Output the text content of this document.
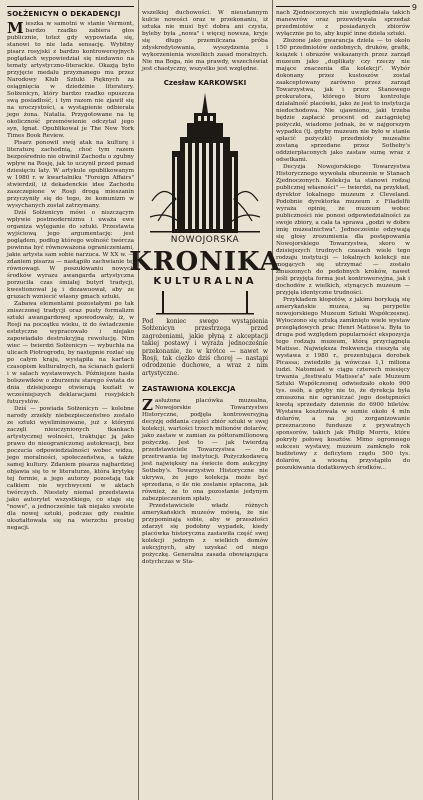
9
SOŁŻENICYN O DEKADENCJI

Mieszka w samotni w stanie Vermont, bardzo rzadko zabiera głos publicznie, toteż gdy wypowiada się, stanowi to nie lada sensację. Wybitny pisarz rosyjski z bardzo kontrowersyjnych poglądach wypowiedział się niedawno na tematy artystyczno-literackie. Okazją było przyjęcie medalu przyznanego mu przez Narodowy Klub Sztuki Pięknych za osiągnięcia w dziedzinie literatury. Sołżenicyn, który bardzo rzadko opuszcza swą posiadłość, i tym razem nie zjawił się na uroczystości, a wystąpienie odbierała jego żona. Natalia. Przygotowane na tę okoliczność przemówienie odczytał jego syn, Ignat. Opublikował je The New York Times Book Review.

Pisarz ponowił swój atak na kulturę i literaturę zachodnią, choć tym razem bezpośrednio nie obwinił Zachodu o zgubny wpływ na Rosję, jak to uczynił przed ponad dziesięciu laty. W artykule opublikowanym w 1980 r. w kwartalniku "Foreign Affairs" stwierdził, iż dekadenckie idee Zachodu zaszczepione w Rosji drogą mieszanin przyczyniły się do tego, że komunizm w wysychanych został zatrzymany.

Dziś Sołżenicyn mówi o niszczącym wpływie postmodernizmu i uważa ewe organiza wylęganie do sztuki. Przestawia wyjściową jego argumentację: jest poglądem, podług którego wolność twórcza powinna być równoważona ograniczeniami, jakie artysta sam sobie narzuca. W XX w. — zdaniem pisarza — nastąpiło zachwianie tej równowagi. W poszukiwaniu nowych środków wyrazu awangarda artystyczna porzuciła czas śmiałej butyrł tradycji, kwestionował ją i dezawuował, aby ze gruzach wzniecić własny gmach sztuki.

Zabawa elementami pozostałymi po tak zniszczonej tradycji oraz pusty formalizm sztuki awangardowej spowodowały, iż, w Rosji na początku wieku, iż do świadczenie estetyczne wypracowało i niejako zapowiadało destrukcyjną rewolucję. Nim wiec — twierdzi Sołżenicyn — wybuchła na ulicach Piotrogrodu, by następnie rozlać się po całym kraju, wystąpiła na kartach czasopism kulturalnych, na ścianach galerii i w salach wystawowych. Późniejsze hasła bolszewików o zburzeniu starego świata do dnia dzisiejszego otwierają kształt w wcześniejszych deklaracjami rosyjskich futurystów.

Dziś — powiada Sołżenicyn — kolebne narody zrzekły niebezpieczeństwo zostało ze sztuki wyeliminowane, już z którymi zaczęli nieuczynionych tkankach artystycznej wolności, traktując ją jako prawo do nieograniczonej autokreacji, bez poczucia odpowiedzialności wobec widza, jego moralności, społeczeństwa, a także samej kultury. Zdaniem pisarza najbardziej objawia się to w literaturze, która krytykę tej formie, a jego autorzy pozostają tak całkiem nie wychwyceni w aktach twórczych. Niestety niemal przedstawia jako autorytet wszystkiego, co staje się "nowe", a jednocześnie tak niejako swoiste dla nowej sztuki, podczas gdy realnie ukształtowała się na wierzchu prostej negacji.

wszelkiej duchowości. W nieustannym kulcie nowości oraz w przekonaniu, iż sztuka nie musi być dobra ani czysta, byleby była „nowa" i więcej nowsza, kryje się długo przemilczana próba zdyskredytowania, wyszydzenia i wykorzenienia wszelkich zasad moralnych. Nie ma Boga, nie ma prawdy, wszechświat jest chaotyczny, wszystko jest względne.

Czesław KARKOWSKI
NOWOJORSKA
KRONIKA
KULTURALNA

Pod koniec swego wystąpienia Sołżenicyn przestrzega przed zagrożeniami, jakie płyną z akceptacji takiej postawy i wyraża jednocześnie przekonanie, że w krótce — nawet w Rosji, tak ciężko dziś chorej — nastąpi odrodzenie duchowe, a wraz z nim artystyczne.

ZASTAWIONA KOLEKCJA

Zasłużona placówka muzealna, Nowojorskie Towarzystwo Historyczne, podjęła kontrowersyjną decyzję oddania części zbiór sztuki w swej kolekcji, wartości trzech milionów dolarów, jako zastaw w zamian za półtoramilionową pożyczkę. Jest to — jak twierdzą przedstawiciele Towarzystwa — do przetrwania tej instytucji. Pożyczkodawcą jest największy na świecie dom aukcyjny Sotheby's. Towarzystwo Historyczne nie ukrywa, że jego kolekcja może być sprzedana, o ile nie zostanie spłacona, jak również, że to ona pozostanie jedynym zabezpieczeniem spłaty.

Przedstawiciele władz różnych amerykańskich muzeów mówią, że nie przypominają sobie, aby w przeszłości zdarzył się podobny wypadek, kiedy placówka historyczna zastawiła część swej kolekcji jednym z wielkich domów aukcyjnych, aby uzyskać od niego pożyczkę. Generalna zasada obowiązująca dotychczas w Sta-

nach Zjednoczonych nie uwzględniała takich manewrów oraz przewidywała sprzedaż przedmiotów z posiadanych zbiorów wyłącznie po to, aby kupić inne dzieła sztuki.

Złożone jako gwarancja dzieła — to około 150 przedmiotów ozdobnych, druków, grafik, książek i obrazów wskazanych przez zarząd muzeum jako „duplikaty czy rzeczy nie mające znaczenia dla kolekcji". Wybór dokonany przez kustoszów został zaakceptowany zarówno przez zarząd Towarzystwa, jak i przez Stanowego prokuratora, którego biuro kontroluje działalność placówki, jako że jest to instytucja niedochodowa. Nie ujawniono, jaki trzeba będzie zapłacić procent od zaciągniętej pożyczki, wiadomo jednak, że w najgorszym wypadku (tj. gdyby muzeum nie było w stanie spłacić pożyczki) przedmioty muzealne zostaną sprzedane przez Sotheby's oddzierpłaconych jako zastaw sumę wraz z odsetkami.

Decyzja Nowojorskiego Towarzystwa Historycznego wywołała oburzenie w Stanach Zjednoczonych. Kolekcja ta stanowi rodzaj publicznej własności" — twierdzi, na przykład, dyrektor lokalnego muzeum z Cleveland. Podobnie dyrektorka muzeum z Filadelfii wyraża opinię, że muzeum wobec publiczności nie ponosi odpowiedzialności za swoje zbiory, a cała ta sprawa „godzi w dobre imię muzealnictwa". Jednocześnie odzywają się głosy zrozumienia dla postępowania Nowojorskiego Towarzystwa, skoro w dzisiejszych trudnych czasach wiele tego rodzaju instytucji — lokalnych kolekcji nie mogących się utrzymać — zostało zmuszonych do podobnych kroków, nawet jeśli przyjęta forma jest kontrowersyjna, jak i dochodów z wielkich, stynących muzeum — przyjęła identyczne trudności.

Przykładem kłopotów, z jakimi borykają się amerykańskie muzea, są perypetie nowojorskiego Muzeum Sztuki Współczesnej. Wyłoczono się sztuką zamknięto wiele wystaw przeglądowych prac Henri Matisse'a. Była to druga pod względem popularności ekspozycja tego rodzaju muzeum, którą przyciągnęła Matisse. Największa frekwencja cieszyła się wystawa z 1980 r., prezentująca dorobek Picassa; zwiedziło ją wówczas 1,1 miliona ludzi. Natomiast w ciągu czterech miesięcy trwania „festiwalu Matisse'a" sale Muzeum Sztuki Współczesnej odwiedzało około 900 tys. osób, a gdyby nie to, że dyrekcja była zmuszona nie ograniczać jego dostępności kwotą sprzedaży dziennie do 6900 biletów. Wystawa kosztowała w sumie około 4 mln dolarów, a na jej zorganizowanie przeznaczono fundusze z prywatnych sponsorów, takich jak Philip Morris, które pokryły połowę kosztów. Mimo ogromnego sukcesu wystawy, muzeum zamknęło rok budżetowy z deficytem rzędu 500 tys. dolarów, a wiosną przystąpiło do poszukiwania dodatkowych środków...
